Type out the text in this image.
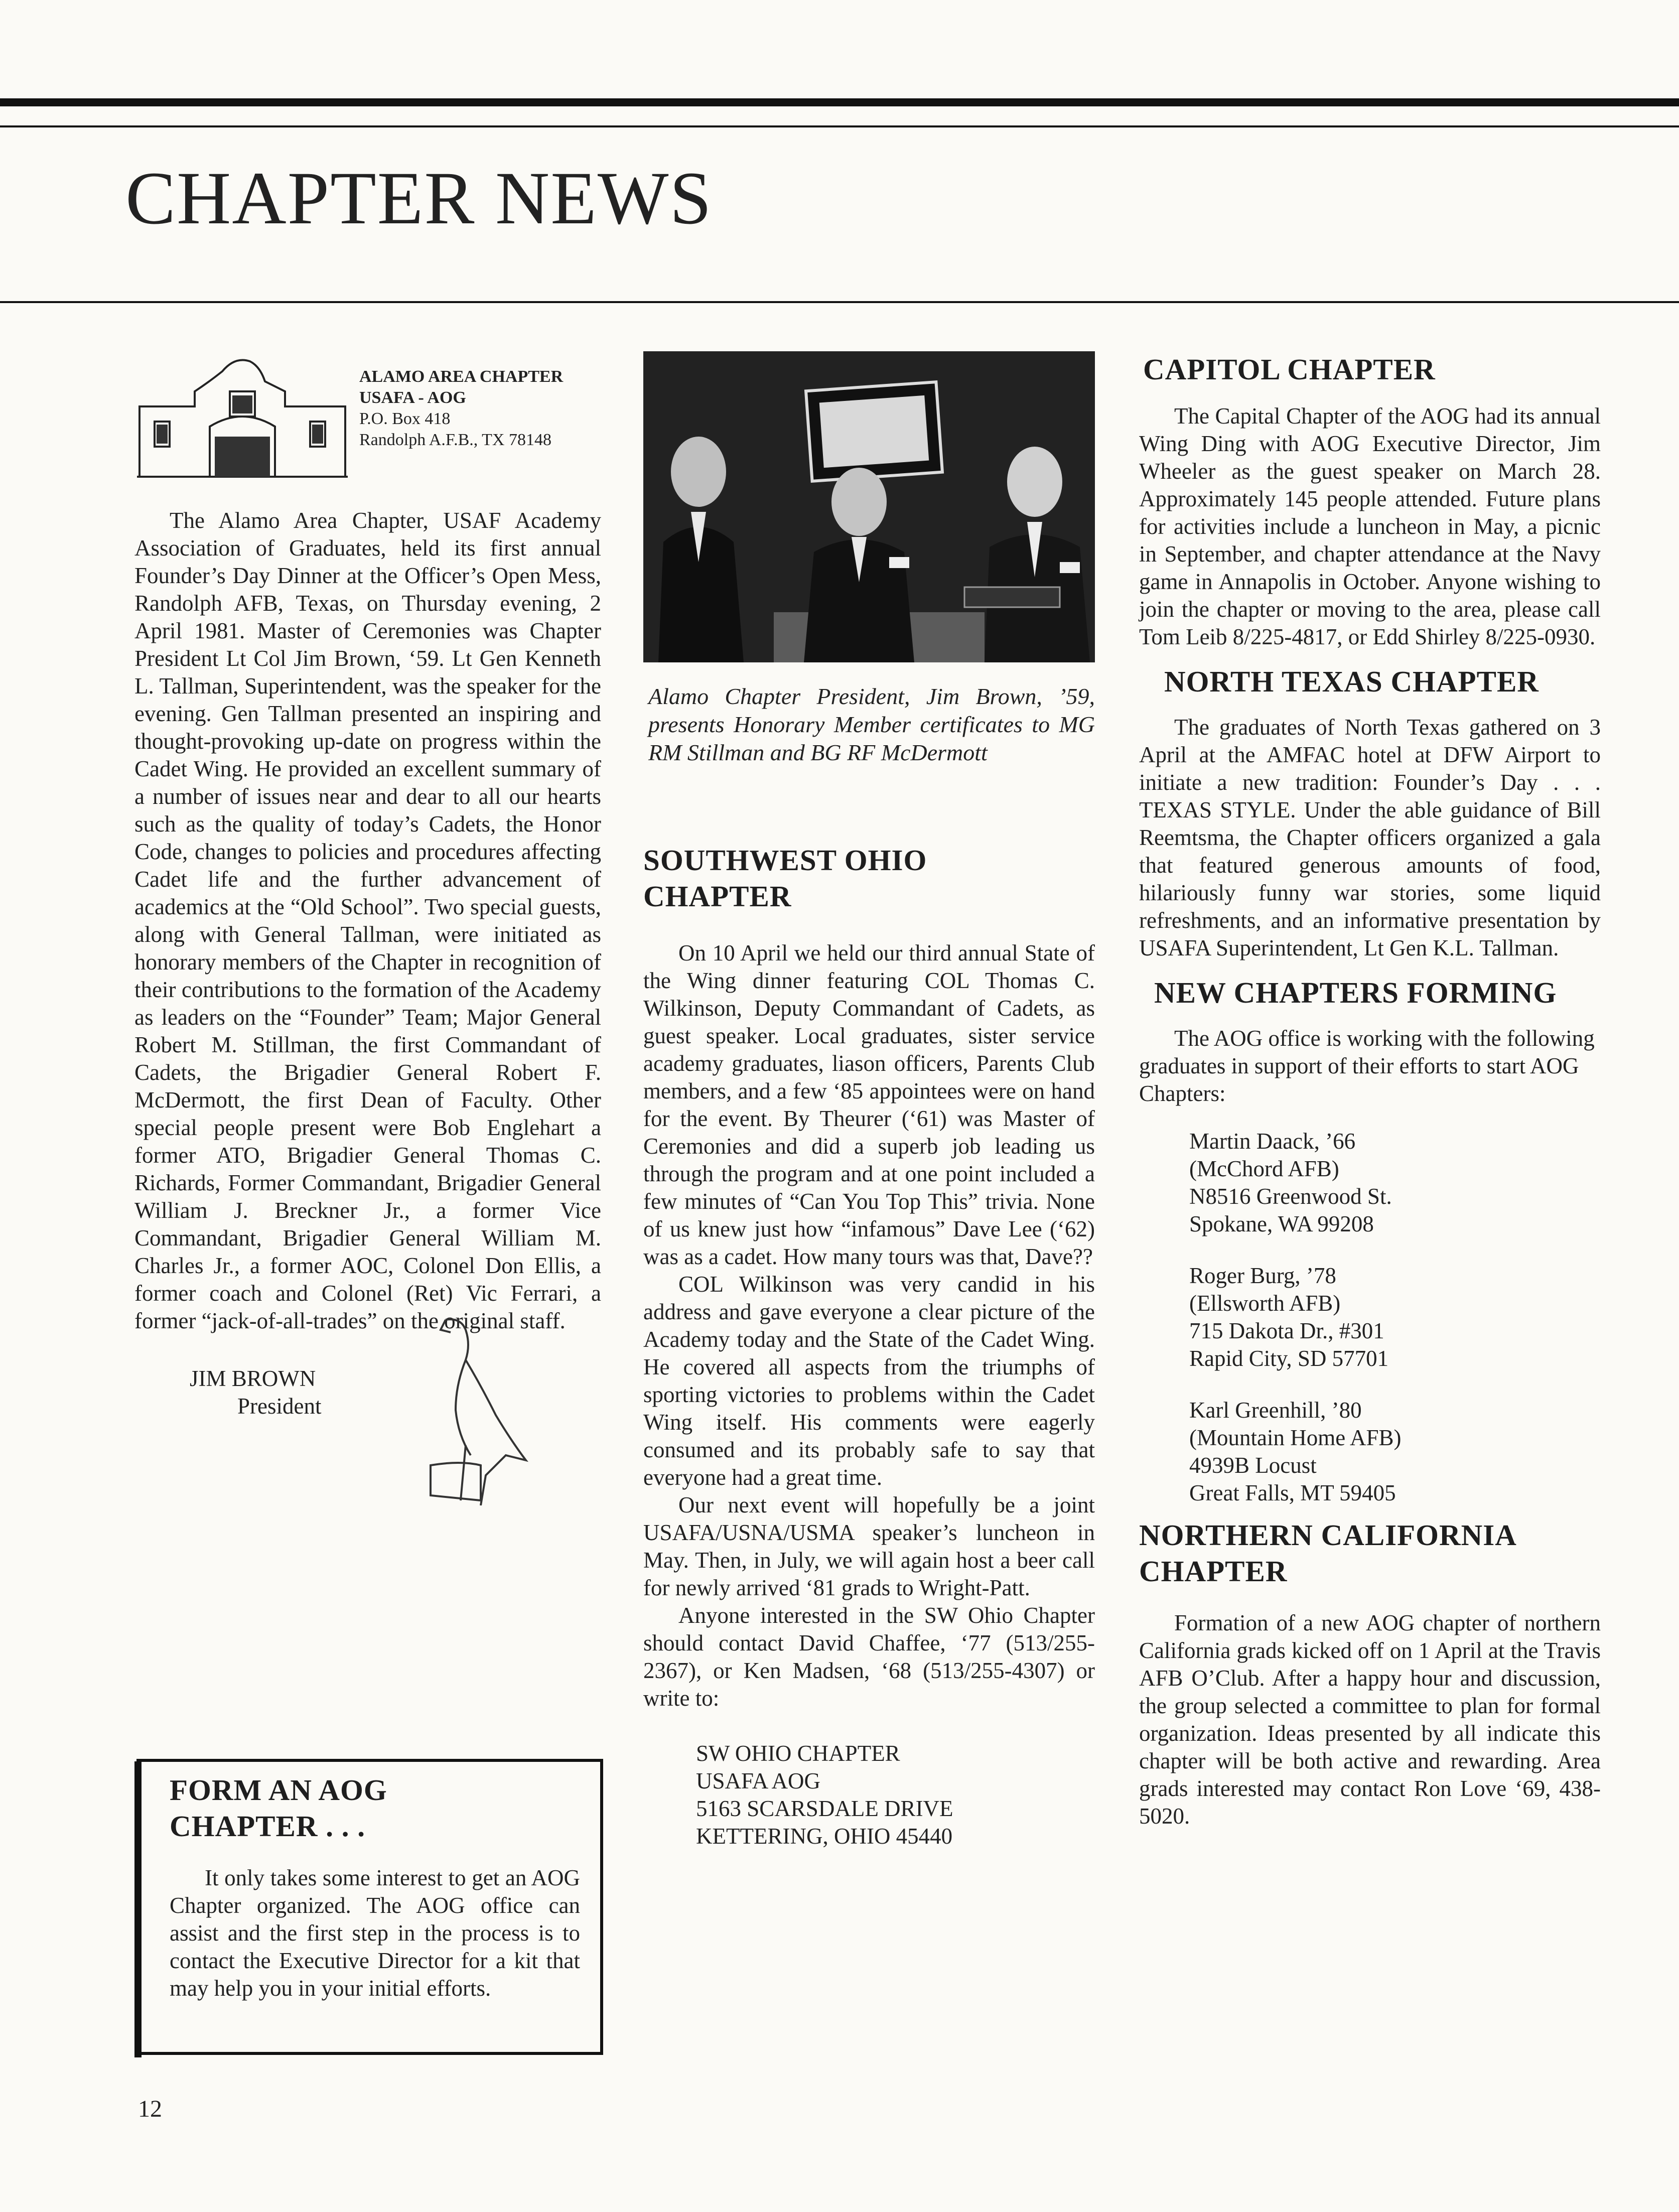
CHAPTER NEWS
ALAMO AREA CHAPTER
USAFA - AOG
P.O. Box 418
Randolph A.F.B., TX 78148

The Alamo Area Chapter, USAF Academy Association of Graduates, held its first annual Founder’s Day Dinner at the Officer’s Open Mess, Randolph AFB, Texas, on Thursday evening, 2 April 1981. Master of Ceremonies was Chapter President Lt Col Jim Brown, ‘59. Lt Gen Kenneth L. Tallman, Superintendent, was the speaker for the evening. Gen Tallman presented an inspiring and thought-provoking up-date on progress within the Cadet Wing. He provided an excellent summary of a number of issues near and dear to all our hearts such as the quality of today’s Cadets, the Honor Code, changes to policies and procedures affecting Cadet life and the further advancement of academics at the “Old School”. Two special guests, along with General Tallman, were initiated as honorary members of the Chapter in recognition of their contributions to the formation of the Academy as leaders on the “Founder” Team; Major General Robert M. Stillman, the first Commandant of Cadets, the Brigadier General Robert F. McDermott, the first Dean of Faculty. Other special people present were Bob Englehart a former ATO, Brigadier General Thomas C. Richards, Former Commandant, Brigadier General William J. Breckner Jr., a former Vice Commandant, Brigadier General William M. Charles Jr., a former AOC, Colonel Don Ellis, a former coach and Colonel (Ret) Vic Ferrari, a former “jack-of-all-trades” on the original staff.

JIM BROWN
President
FORM AN AOG
CHAPTER . . .

It only takes some interest to get an AOG Chapter organized. The AOG office can assist and the first step in the process is to contact the Executive Director for a kit that may help you in your initial efforts.

12

Alamo Chapter President, Jim Brown, ’59, presents Honorary Member certificates to MG RM Stillman and BG RF McDermott

SOUTHWEST OHIO
CHAPTER

On 10 April we held our third annual State of the Wing dinner featuring COL Thomas C. Wilkinson, Deputy Commandant of Cadets, as guest speaker. Local graduates, sister service academy graduates, liason officers, Parents Club members, and a few ‘85 appointees were on hand for the event. By Theurer (‘61) was Master of Ceremonies and did a superb job leading us through the program and at one point included a few minutes of “Can You Top This” trivia. None of us knew just how “infamous” Dave Lee (‘62) was as a cadet. How many tours was that, Dave??

COL Wilkinson was very candid in his address and gave everyone a clear picture of the Academy today and the State of the Cadet Wing. He covered all aspects from the triumphs of sporting victories to problems within the Cadet Wing itself. His comments were eagerly consumed and its probably safe to say that everyone had a great time.

Our next event will hopefully be a joint USAFA/USNA/USMA speaker’s luncheon in May. Then, in July, we will again host a beer call for newly arrived ‘81 grads to Wright-Patt.

Anyone interested in the SW Ohio Chapter should contact David Chaffee, ‘77 (513/255-2367), or Ken Madsen, ‘68 (513/255-4307) or write to:

SW OHIO CHAPTER
USAFA AOG
5163 SCARSDALE DRIVE
KETTERING, OHIO 45440
CAPITOL CHAPTER

The Capital Chapter of the AOG had its annual Wing Ding with AOG Executive Director, Jim Wheeler as the guest speaker on March 28. Approximately 145 people attended. Future plans for activities include a luncheon in May, a picnic in September, and chapter attendance at the Navy game in Annapolis in October. Anyone wishing to join the chapter or moving to the area, please call Tom Leib 8/225-4817, or Edd Shirley 8/225-0930.

NORTH TEXAS CHAPTER

The graduates of North Texas gathered on 3 April at the AMFAC hotel at DFW Airport to initiate a new tradition: Founder’s Day . . . TEXAS STYLE. Under the able guidance of Bill Reemtsma, the Chapter officers organized a gala that featured generous amounts of food, hilariously funny war stories, some liquid refreshments, and an informative presentation by USAFA Superintendent, Lt Gen K.L. Tallman.

NEW CHAPTERS FORMING

The AOG office is working with the following graduates in support of their efforts to start AOG Chapters:

Martin Daack, ’66
(McChord AFB)
N8516 Greenwood St.
Spokane, WA 99208
Roger Burg, ’78
(Ellsworth AFB)
715 Dakota Dr., #301
Rapid City, SD 57701
Karl Greenhill, ’80
(Mountain Home AFB)
4939B Locust
Great Falls, MT 59405
NORTHERN CALIFORNIA
CHAPTER

Formation of a new AOG chapter of northern California grads kicked off on 1 April at the Travis AFB O’Club. After a happy hour and discussion, the group selected a committee to plan for formal organization. Ideas presented by all indicate this chapter will be both active and rewarding. Area grads interested may contact Ron Love ‘69, 438-5020.
